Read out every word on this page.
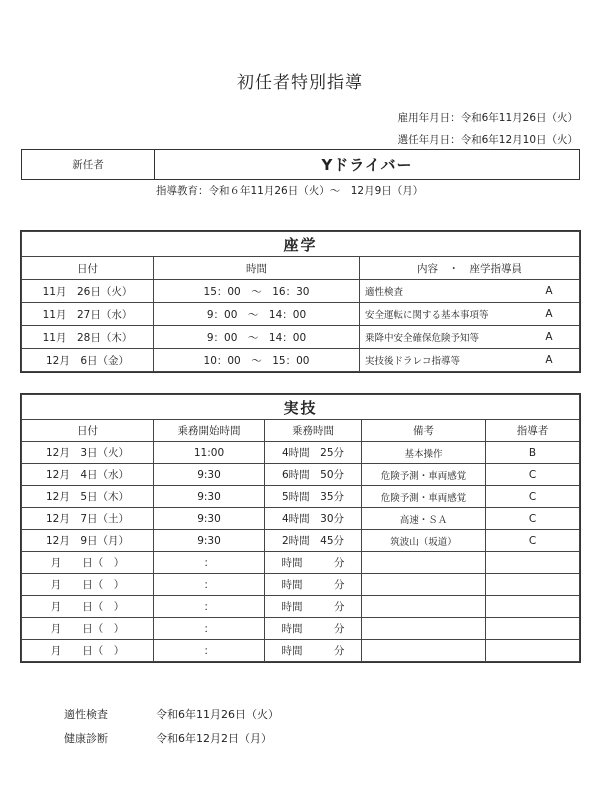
初任者特別指導
雇用年月日：令和6年11月26日（火）
選任年月日：令和6年12月10日（火）
新任者	Yドライバー
指導教育：令和６年11月26日（火）～　12月9日（月）
座学			
日付	時間	内容　・　座学指導員	
11月　26日（火）	15：00　～　16：30	適性検査	A
11月　27日（水）	9：00　～　14：00	安全運転に関する基本事項等	A
11月　28日（木）	9：00　～　14：00	乗降中安全確保危険予知等	A
12月　6日（金）	10：00　～　15：00	実技後ドラレコ指導等	A
実技				
日付	乗務開始時間	乗務時間	備考	指導者
12月　3日（火）	11:00	4時間　25分	基本操作	B
12月　4日（水）	9:30	6時間　50分	危険予測・車両感覚	C
12月　5日（木）	9:30	5時間　35分	危険予測・車両感覚	C
12月　7日（土）	9:30	4時間　30分	高速・ＳＡ	C
12月　9日（月）	9:30	2時間　45分	筑波山（坂道）	C
月　　日（　）	：	時間　　　分		
月　　日（　）	：	時間　　　分		
月　　日（　）	：	時間　　　分		
月　　日（　）	：	時間　　　分		
月　　日（　）	：	時間　　　分		
適性検査	令和6年11月26日（火）
健康診断	令和6年12月2日（月）
